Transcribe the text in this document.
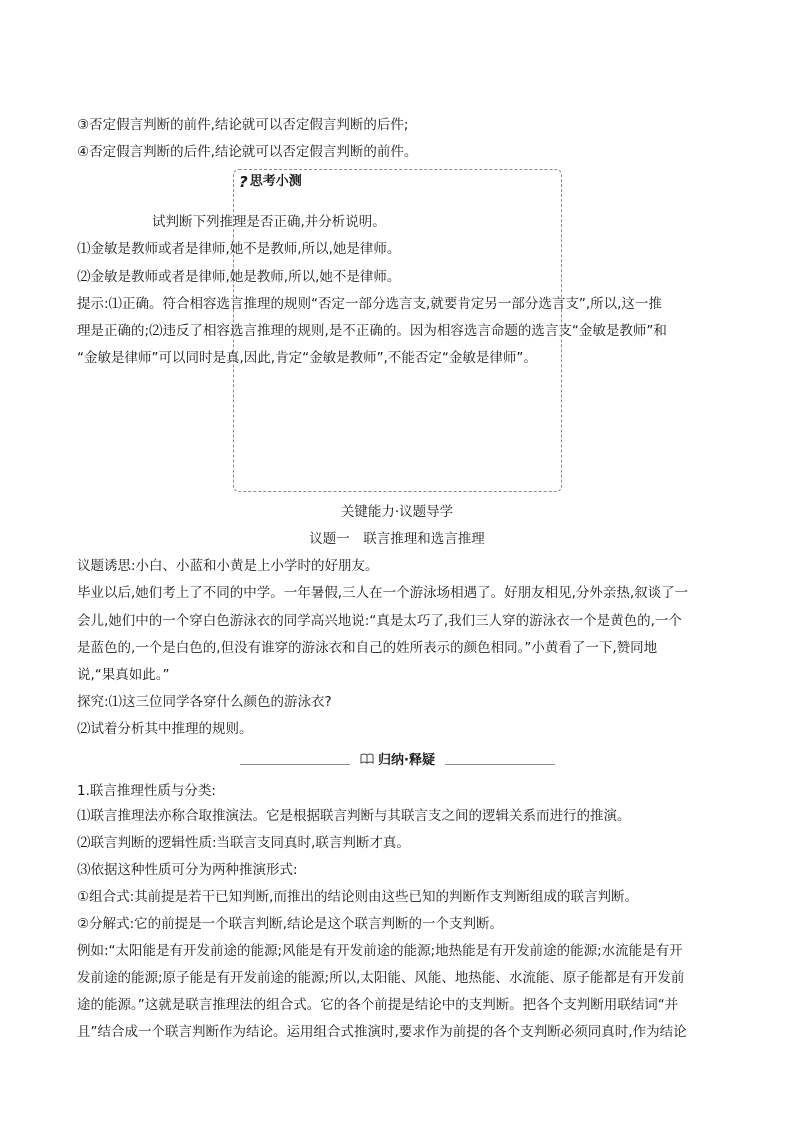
③否定假言判断的前件,结论就可以否定假言判断的后件;
④否定假言判断的后件,结论就可以否定假言判断的前件。
? 思考小测
试判断下列推理是否正确,并分析说明。
⑴金敏是教师或者是律师,她不是教师,所以,她是律师。
⑵金敏是教师或者是律师,她是教师,所以,她不是律师。
提示:⑴正确。符合相容选言推理的规则“否定一部分选言支,就要肯定另一部分选言支”,所以,这一推
理是正确的;⑵违反了相容选言推理的规则,是不正确的。因为相容选言命题的选言支“金敏是教师”和
“金敏是律师”可以同时是真,因此,肯定“金敏是教师”,不能否定“金敏是律师”。
关键能力·议题导学
议题一　联言推理和选言推理
议题诱思:小白、小蓝和小黄是上小学时的好朋友。
毕业以后,她们考上了不同的中学。一年暑假,三人在一个游泳场相遇了。好朋友相见,分外亲热,叙谈了一
会儿,她们中的一个穿白色游泳衣的同学高兴地说:“真是太巧了,我们三人穿的游泳衣一个是黄色的,一个
是蓝色的,一个是白色的,但没有谁穿的游泳衣和自己的姓所表示的颜色相同。”小黄看了一下,赞同地
说,“果真如此。”
探究:⑴这三位同学各穿什么颜色的游泳衣?
⑵试着分析其中推理的规则。
归纳·释疑
1.联言推理性质与分类:
⑴联言推理法亦称合取推演法。它是根据联言判断与其联言支之间的逻辑关系而进行的推演。
⑵联言判断的逻辑性质:当联言支同真时,联言判断才真。
⑶依据这种性质可分为两种推演形式:
①组合式:其前提是若干已知判断,而推出的结论则由这些已知的判断作支判断组成的联言判断。
②分解式:它的前提是一个联言判断,结论是这个联言判断的一个支判断。
例如:“太阳能是有开发前途的能源;风能是有开发前途的能源;地热能是有开发前途的能源;水流能是有开
发前途的能源;原子能是有开发前途的能源;所以,太阳能、风能、地热能、水流能、原子能都是有开发前
途的能源。”这就是联言推理法的组合式。它的各个前提是结论中的支判断。把各个支判断用联结词“并
且”结合成一个联言判断作为结论。运用组合式推演时,要求作为前提的各个支判断必须同真时,作为结论
